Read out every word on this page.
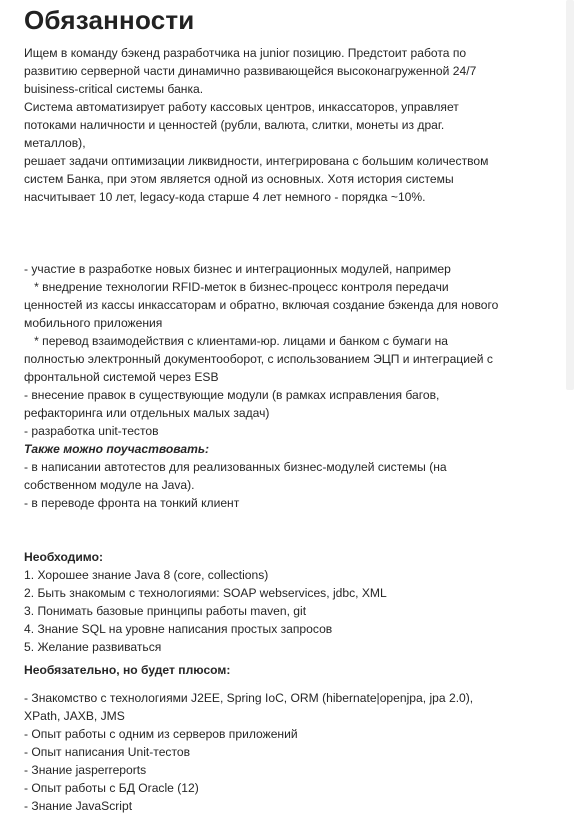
Обязанности

Ищем в команду бэкенд разработчика на junior позицию. Предстоит работа по

развитию серверной части динамично развивающейся высоконагруженной 24/7

buisiness-critical системы банка.

Система автоматизирует работу кассовых центров, инкассаторов, управляет

потоками наличности и ценностей (рубли, валюта, слитки, монеты из драг.

металлов),

решает задачи оптимизации ликвидности, интегрирована с большим количеством

систем Банка, при этом является одной из основных. Хотя история системы

насчитывает 10 лет, legacy-кода старше 4 лет немного - порядка ~10%.

- участие в разработке новых бизнес и интеграционных модулей, например

* внедрение технологии RFID-меток в бизнес-процесс контроля передачи

ценностей из кассы инкассаторам и обратно, включая создание бэкенда для нового

мобильного приложения

* перевод взаимодействия с клиентами-юр. лицами и банком с бумаги на

полностью электронный документооборот, с использованием ЭЦП и интеграцией с

фронтальной системой через ESB

- внесение правок в существующие модули (в рамках исправления багов,

рефакторинга или отдельных малых задач)

- разработка unit-тестов

Также можно поучаствовать:

- в написании автотестов для реализованных бизнес-модулей системы (на

собственном модуле на Java).

- в переводе фронта на тонкий клиент

Необходимо:

1. Хорошее знание Java 8 (core, collections)

2. Быть знакомым с технологиями: SOAP webservices, jdbc, XML

3. Понимать базовые принципы работы maven, git

4. Знание SQL на уровне написания простых запросов

5. Желание развиваться

Необязательно, но будет плюсом:

- Знакомство с технологиями J2EE, Spring IoC, ORM (hibernate|openjpa, jpa 2.0),

XPath, JAXB, JMS

- Опыт работы с одним из серверов приложений

- Опыт написания Unit-тестов

- Знание jasperreports

- Опыт работы с БД Oracle (12)

- Знание JavaScript
